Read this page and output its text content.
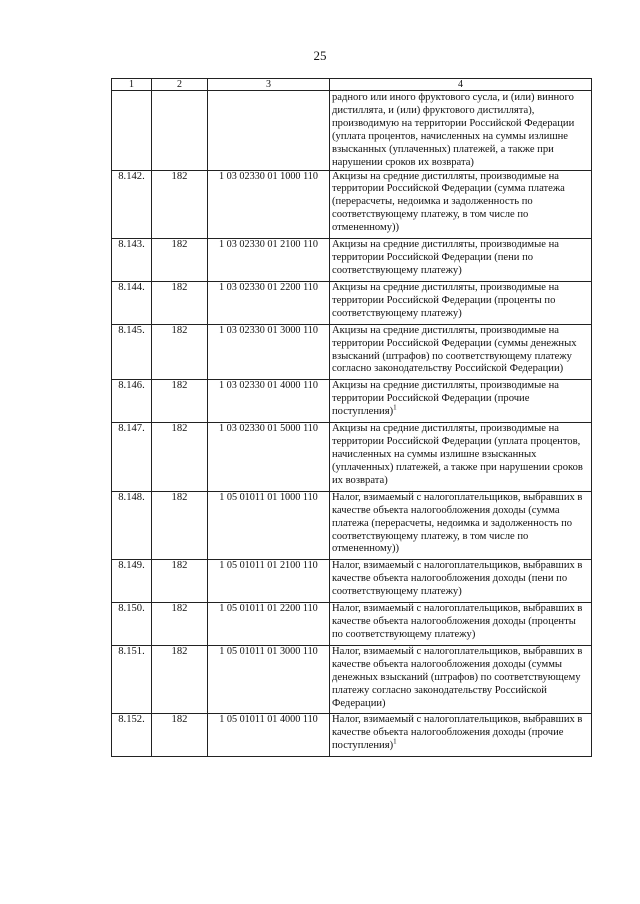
25
1	2	3	4
			радного или иного фруктового сусла, и (или) винного дистиллята, и (или) фруктового дистиллята), производимую на территории Российской Федерации (уплата процентов, начисленных на суммы излишне взысканных (уплаченных) платежей, а также при нарушении сроков их возврата)
8.142.	182	1 03 02330 01 1000 110	Акцизы на средние дистилляты, производимые на территории Российской Федерации (сумма платежа (перерасчеты, недоимка и задолженность по соответствующему платежу, в том числе по отмененному))
8.143.	182	1 03 02330 01 2100 110	Акцизы на средние дистилляты, производимые на территории Российской Федерации (пени по соответствующему платежу)
8.144.	182	1 03 02330 01 2200 110	Акцизы на средние дистилляты, производимые на территории Российской Федерации (проценты по соответствующему платежу)
8.145.	182	1 03 02330 01 3000 110	Акцизы на средние дистилляты, производимые на территории Российской Федерации (суммы денежных взысканий (штрафов) по соответствующему платежу согласно законодательству Российской Федерации)
8.146.	182	1 03 02330 01 4000 110	Акцизы на средние дистилляты, производимые на территории Российской Федерации (прочие поступления)$^1$
8.147.	182	1 03 02330 01 5000 110	Акцизы на средние дистилляты, производимые на территории Российской Федерации (уплата процентов, начисленных на суммы излишне взысканных (уплаченных) платежей, а также при нарушении сроков их возврата)
8.148.	182	1 05 01011 01 1000 110	Налог, взимаемый с налогоплательщиков, выбравших в качестве объекта налогообложения доходы (сумма платежа (перерасчеты, недоимка и задолженность по соответствующему платежу, в том числе по отмененному))
8.149.	182	1 05 01011 01 2100 110	Налог, взимаемый с налогоплательщиков, выбравших в качестве объекта налогообложения доходы (пени по соответствующему платежу)
8.150.	182	1 05 01011 01 2200 110	Налог, взимаемый с налогоплательщиков, выбравших в качестве объекта налогообложения доходы (проценты по соответствующему платежу)
8.151.	182	1 05 01011 01 3000 110	Налог, взимаемый с налогоплательщиков, выбравших в качестве объекта налогообложения доходы (суммы денежных взысканий (штрафов) по соответствующему платежу согласно законодательству Российской Федерации)
8.152.	182	1 05 01011 01 4000 110	Налог, взимаемый с налогоплательщиков, выбравших в качестве объекта налогообложения доходы (прочие поступления)$^1$
